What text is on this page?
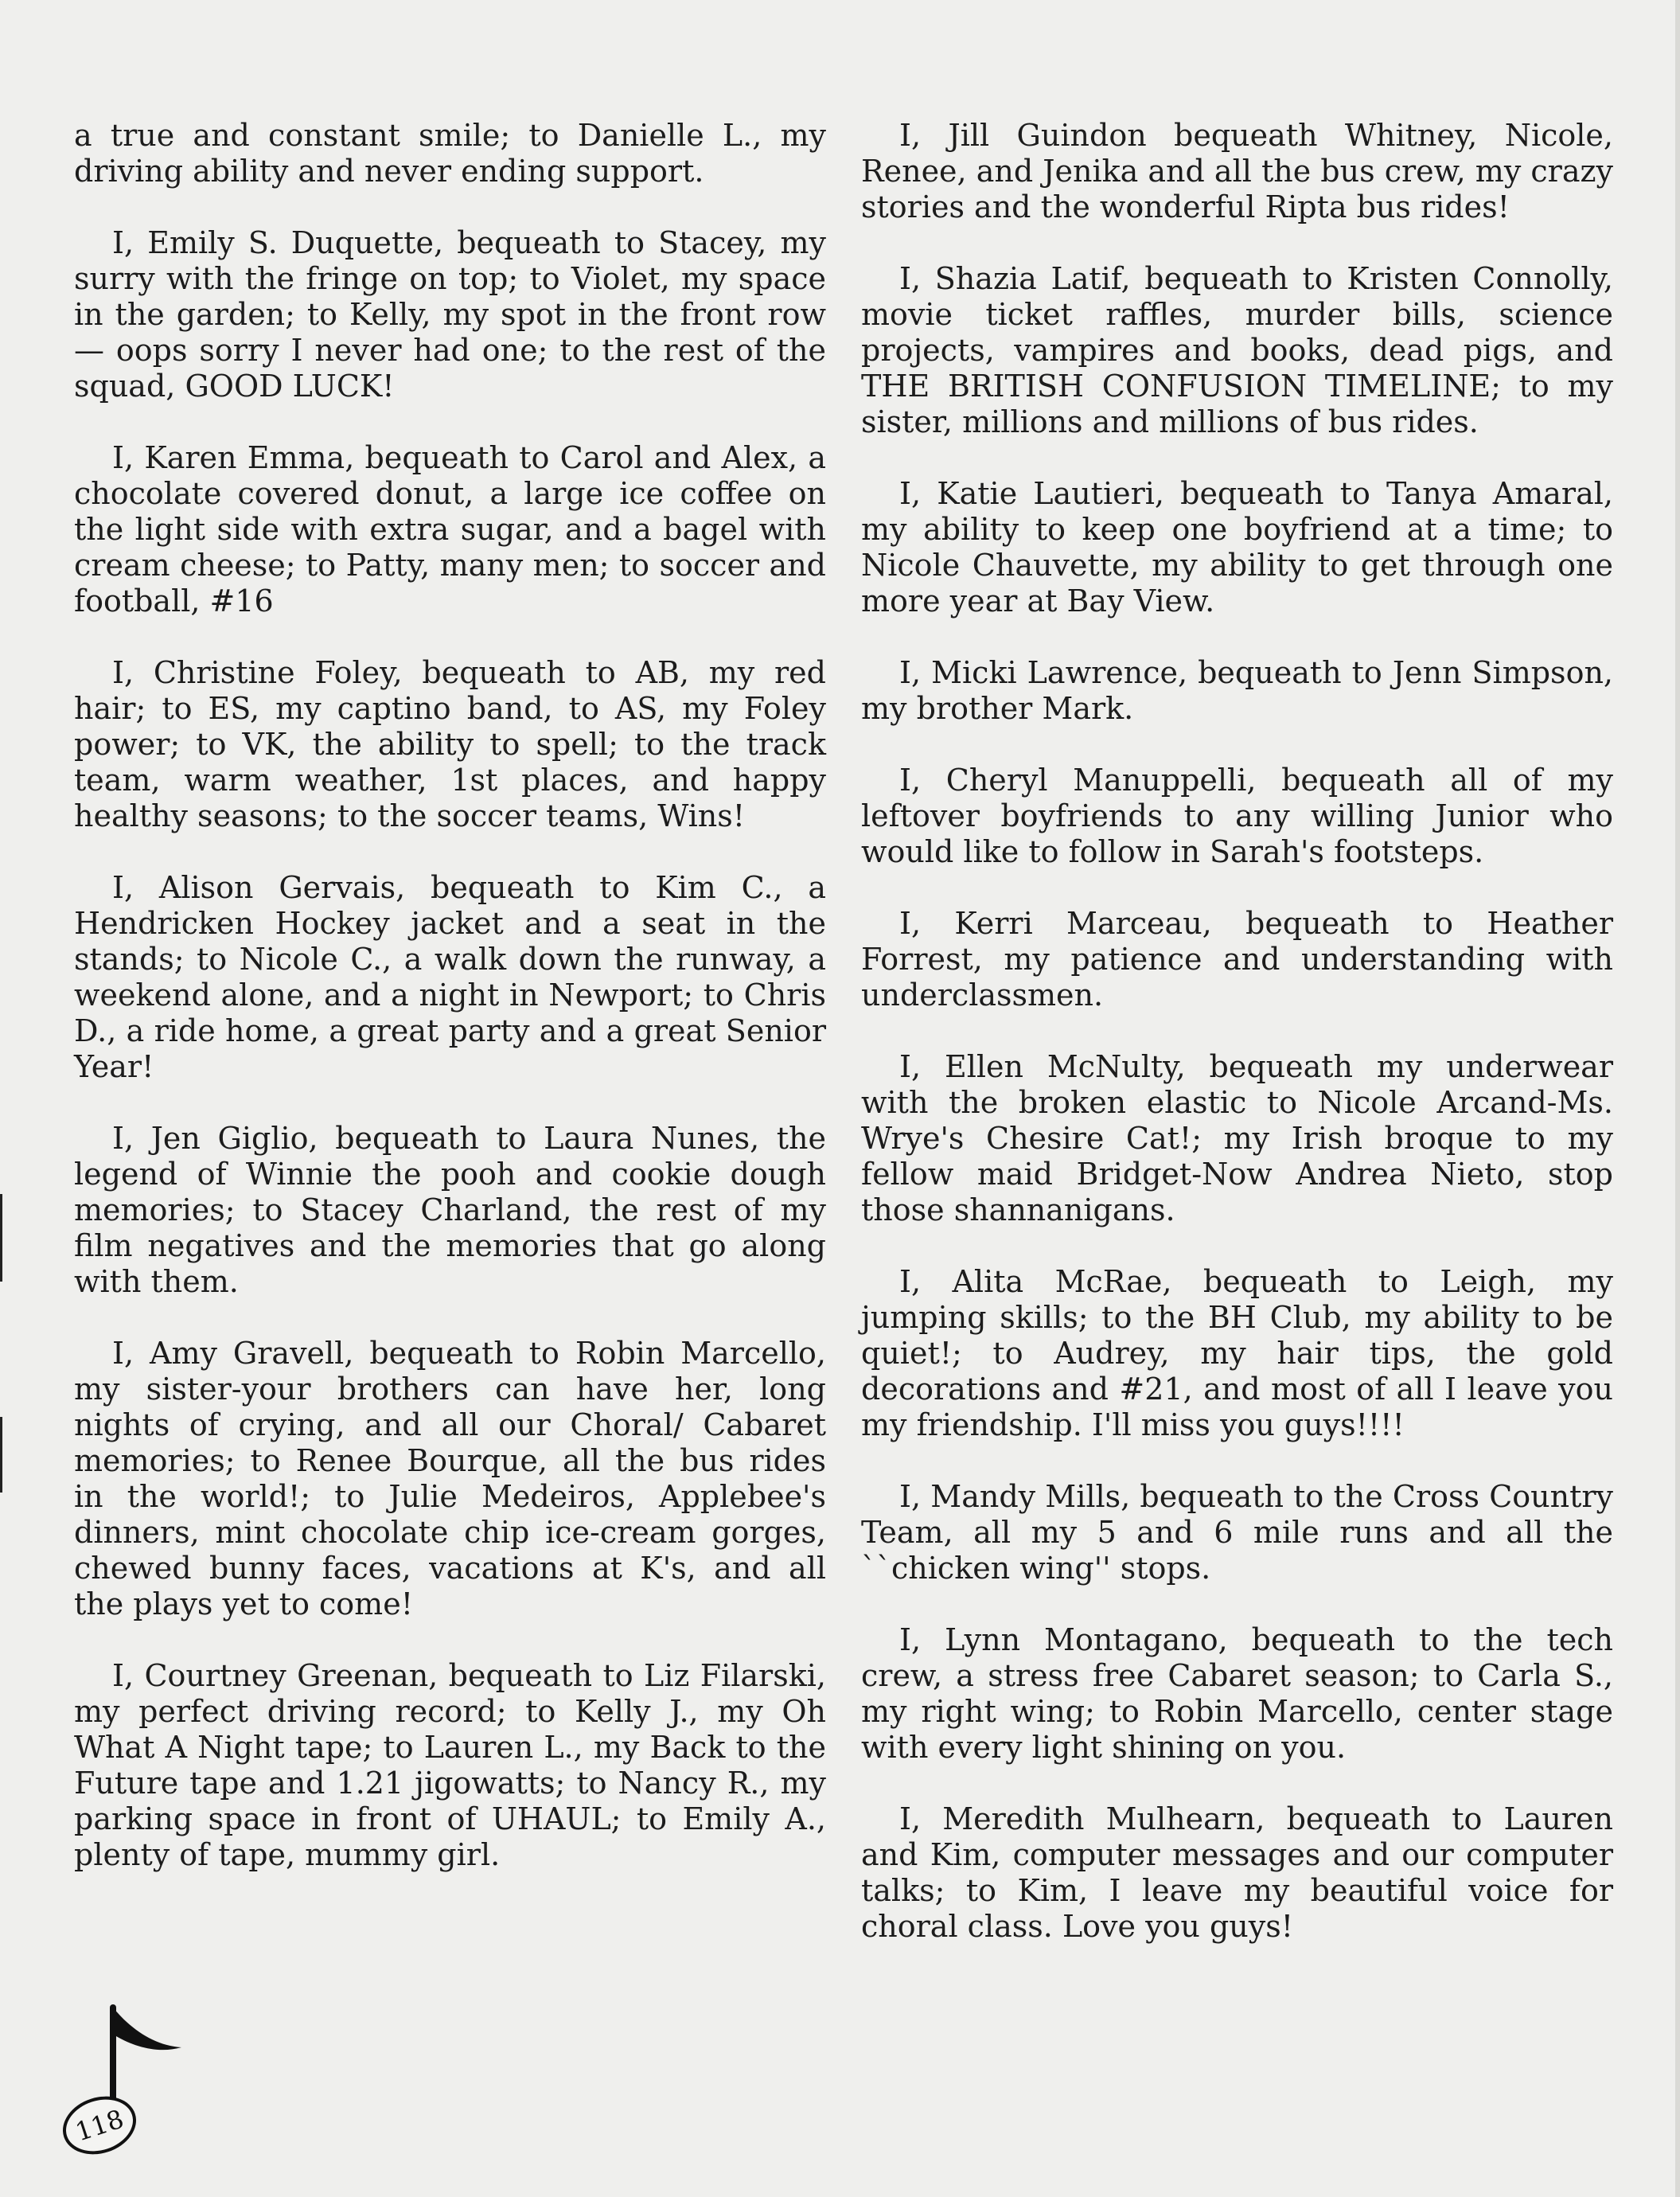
a true and constant smile; to Danielle L., my driving ability and never ending support.

I, Emily S. Duquette, bequeath to Stacey, my surry with the fringe on top; to Violet, my space in the garden; to Kelly, my spot in the front row — oops sorry I never had one; to the rest of the squad, GOOD LUCK!

I, Karen Emma, bequeath to Carol and Alex, a chocolate covered donut, a large ice coffee on the light side with extra sugar, and a bagel with cream cheese; to Patty, many men; to soccer and football, #16

I, Christine Foley, bequeath to AB, my red hair; to ES, my captino band, to AS, my Foley power; to VK, the ability to spell; to the track team, warm weather, 1st places, and happy healthy seasons; to the soccer teams, Wins!

I, Alison Gervais, bequeath to Kim C., a Hendricken Hockey jacket and a seat in the stands; to Nicole C., a walk down the runway, a weekend alone, and a night in Newport; to Chris D., a ride home, a great party and a great Senior Year!

I, Jen Giglio, bequeath to Laura Nunes, the legend of Winnie the pooh and cookie dough memories; to Stacey Charland, the rest of my film negatives and the memories that go along with them.

I, Amy Gravell, bequeath to Robin Marcello, my sister-your brothers can have her, long nights of crying, and all our Choral/ Cabaret memories; to Renee Bourque, all the bus rides in the world!; to Julie Medeiros, Applebee's dinners, mint chocolate chip ice-cream gorges, chewed bunny faces, vacations at K's, and all the plays yet to come!

I, Courtney Greenan, bequeath to Liz Filarski, my perfect driving record; to Kelly J., my Oh What A Night tape; to Lauren L., my Back to the Future tape and 1.21 jigowatts; to Nancy R., my parking space in front of UHAUL; to Emily A., plenty of tape, mummy girl.

I, Jill Guindon bequeath Whitney, Nicole, Renee, and Jenika and all the bus crew, my crazy stories and the wonderful Ripta bus rides!

I, Shazia Latif, bequeath to Kristen Connolly, movie ticket raffles, murder bills, science projects, vampires and books, dead pigs, and THE BRITISH CONFUSION TIMELINE; to my sister, millions and millions of bus rides.

I, Katie Lautieri, bequeath to Tanya Amaral, my ability to keep one boyfriend at a time; to Nicole Chauvette, my ability to get through one more year at Bay View.

I, Micki Lawrence, bequeath to Jenn Simpson, my brother Mark.

I, Cheryl Manuppelli, bequeath all of my leftover boyfriends to any willing Junior who would like to follow in Sarah's footsteps.

I, Kerri Marceau, bequeath to Heather Forrest, my patience and understanding with underclassmen.

I, Ellen McNulty, bequeath my underwear with the broken elastic to Nicole Arcand-Ms. Wrye's Chesire Cat!; my Irish broque to my fellow maid Bridget-Now Andrea Nieto, stop those shannanigans.

I, Alita McRae, bequeath to Leigh, my jumping skills; to the BH Club, my ability to be quiet!; to Audrey, my hair tips, the gold decorations and #21, and most of all I leave you my friendship. I'll miss you guys!!!!

I, Mandy Mills, bequeath to the Cross Country Team, all my 5 and 6 mile runs and all the ``chicken wing'' stops.

I, Lynn Montagano, bequeath to the tech crew, a stress free Cabaret season; to Carla S., my right wing; to Robin Marcello, center stage with every light shining on you.

I, Meredith Mulhearn, bequeath to Lauren and Kim, computer messages and our computer talks; to Kim, I leave my beautiful voice for choral class. Love you guys!

118
